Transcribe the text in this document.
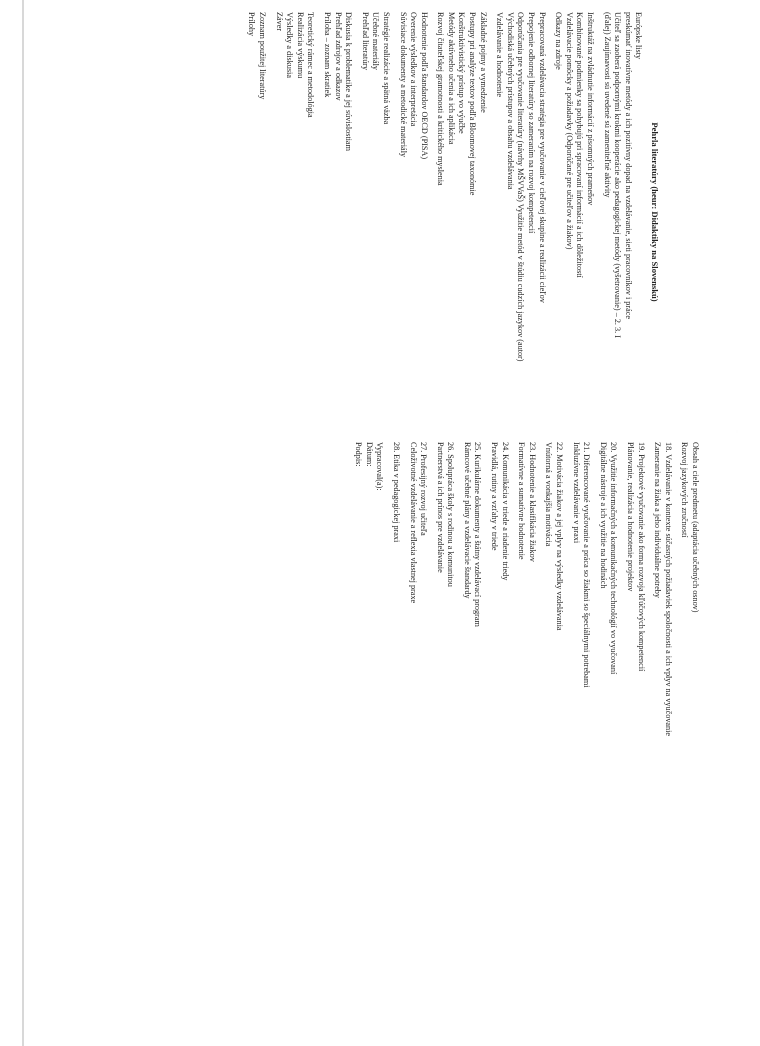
Pehrla literatúry (heur: Didaktiky na Slovenskú)

Európske listy

preskúmať inovatívne metódy a ich pozitívny dopad na vzdelávanie, sieti pracovníkov i práce

Učiteľ sa zaoberá podpornými krokmi kooperácie ako pedagogickej metódy (vyšetrovanie) – 2. 3. I

(ďalej) Zaujímavosti sú uvedené sú zameniteľné aktivity

Inštruktáž na zvládnutie informácií z písomných prameňov

Kombinované podmienky sa pohybujú pri spracovaní informácií a ich dôležitostí

Vzdelávacie pomôcky a požiadavky (Odporúčané pre učiteľov a žiakov)

Odkazy na zdroje

Prepracovaná vzdelávacia stratégia pre vyučovanie v cieľovej skupine a realizácii cieľov

Prepojenie odbornej literatúry so zameraním na rozvoj kompetencií

Odporúčania pre vyučovanie literatúry (návrhy MŠVVaŠ) Využitie metód v štúdiu cudzích jazykov (autor)

Východiská učebných prístupov a obsahu vzdelávania

Vzdelávanie a hodnotenie

Základné pojmy a vymedzenie

Postupy pri analýze textov podľa Bloomovej taxonómie

Konštruktivistický prístup vo výučbe

Metódy aktívneho učenia a ich aplikácia

Rozvoj čitateľskej gramotnosti a kritického myslenia

Hodnotenie podľa štandardov OECD (PISA)

Overenie výsledkov a interpretácia

Súvisiace dokumenty a metodické materiály

Stratégie realizácie a spätná väzba

Učebné materiály

Prehľad literatúry

Diskusia k problematike a jej súvislostiam

Prehľad zdrojov a odkazov

Príloha – zoznam skratiek

Teoretický rámec a metodológia

Realizácia výskumu

Výsledky a diskusia

Záver

Zoznam použitej literatúry

Prílohy

Obsah a ciele predmetu (adaptácia učebných osnov)

Rozvoj jazykových zručností

18. Vzdelávanie v kontexte súčasných požiadaviek spoločnosti a ich vplyv na vyučovanie

Zameranie na žiaka a jeho individuálne potreby

19. Projektové vyučovanie ako forma rozvoja kľúčových kompetencií

Plánovanie, realizácia a hodnotenie projektov

20. Využitie informačných a komunikačných technológií vo vyučovaní

Digitálne nástroje a ich využitie na hodinách

21. Diferencované vyučovanie a práca so žiakmi so špeciálnymi potrebami

Inkluzívne vzdelávanie v praxi

22. Motivácia žiakov a jej vplyv na výsledky vzdelávania

Vnútorná a vonkajšia motivácia

23. Hodnotenie a klasifikácia žiakov

Formatívne a sumatívne hodnotenie

24. Komunikácia v triede a riadenie triedy

Pravidlá, rutiny a vzťahy v triede

25. Kurikulárne dokumenty a štátny vzdelávací program

Rámcové učebné plány a vzdelávacie štandardy

26. Spolupráca školy s rodinou a komunitou

Partnerstvá a ich prínos pre vzdelávanie

27. Profesijný rozvoj učiteľa

Celoživotné vzdelávanie a reflexia vlastnej praxe

28. Etika v pedagogickej praxi

Vypracoval(a):

Dátum:

Podpis:
